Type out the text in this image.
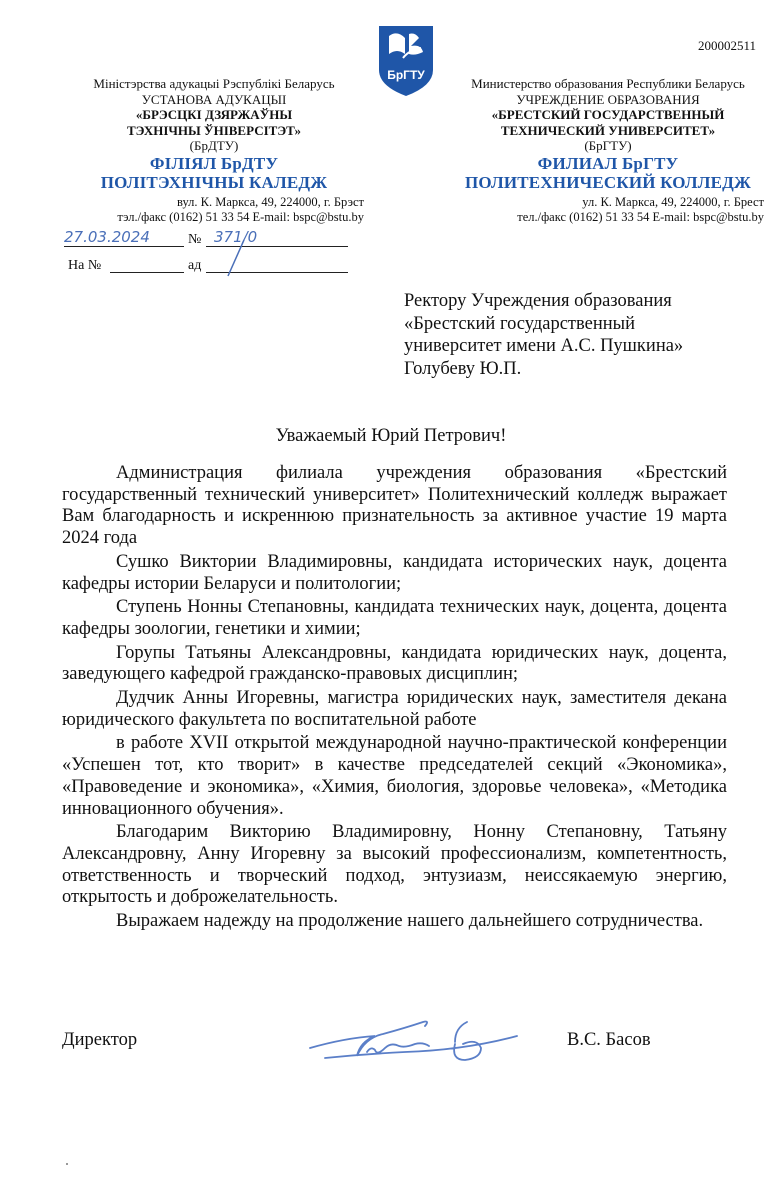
200002511
БрГТУ
Міністэрства адукацыі Рэспублікі Беларусь
УСТАНОВА АДУКАЦЫІ
«БРЭСЦКІ ДЗЯРЖАЎНЫ
ТЭХНІЧНЫ ЎНІВЕРСІТЭТ»
(БрДТУ)
ФІЛІЯЛ БрДТУ
ПОЛІТЭХНІЧНЫ КАЛЕДЖ
вул. К. Маркса, 49, 224000, г. Брэст
тэл./факс (0162) 51 33 54 E-mail: bspc@bstu.by
Министерство образования Республики Беларусь
УЧРЕЖДЕНИЕ ОБРАЗОВАНИЯ
«БРЕСТСКИЙ ГОСУДАРСТВЕННЫЙ
ТЕХНИЧЕСКИЙ УНИВЕРСИТЕТ»
(БрГТУ)
ФИЛИАЛ БрГТУ
ПОЛИТЕХНИЧЕСКИЙ КОЛЛЕДЖ
ул. К. Маркса, 49, 224000, г. Брест
тел./факс (0162) 51 33 54 E-mail: bspc@bstu.by
27.03.2024	№ 371/0
На №	ад
Ректору Учреждения образования
«Брестский государственный
университет имени А.С. Пушкина»
Голубеву Ю.П.
Уважаемый Юрий Петрович!

Администрация филиала учреждения образования «Брестский государственный технический университет» Политехнический колледж выражает Вам благодарность и искреннюю признательность за активное участие 19 марта 2024 года

Сушко Виктории Владимировны, кандидата исторических наук, доцента кафедры истории Беларуси и политологии;

Ступень Нонны Степановны, кандидата технических наук, доцента, доцента кафедры зоологии, генетики и химии;

Горупы Татьяны Александровны, кандидата юридических наук, доцента, заведующего кафедрой гражданско-правовых дисциплин;

Дудчик Анны Игоревны, магистра юридических наук, заместителя декана юридического факультета по воспитательной работе

в работе XVII открытой международной научно-практической конференции «Успешен тот, кто творит» в качестве председателей секций «Экономика», «Правоведение и экономика», «Химия, биология, здоровье человека», «Методика инновационного обучения».

Благодарим Викторию Владимировну, Нонну Степановну, Татьяну Александровну, Анну Игоревну за высокий профессионализм, компетентность, ответственность и творческий подход, энтузиазм, неиссякаемую энергию, открытость и доброжелательность.

Выражаем надежду на продолжение нашего дальнейшего сотрудничества.

Директор	В.С. Басов
